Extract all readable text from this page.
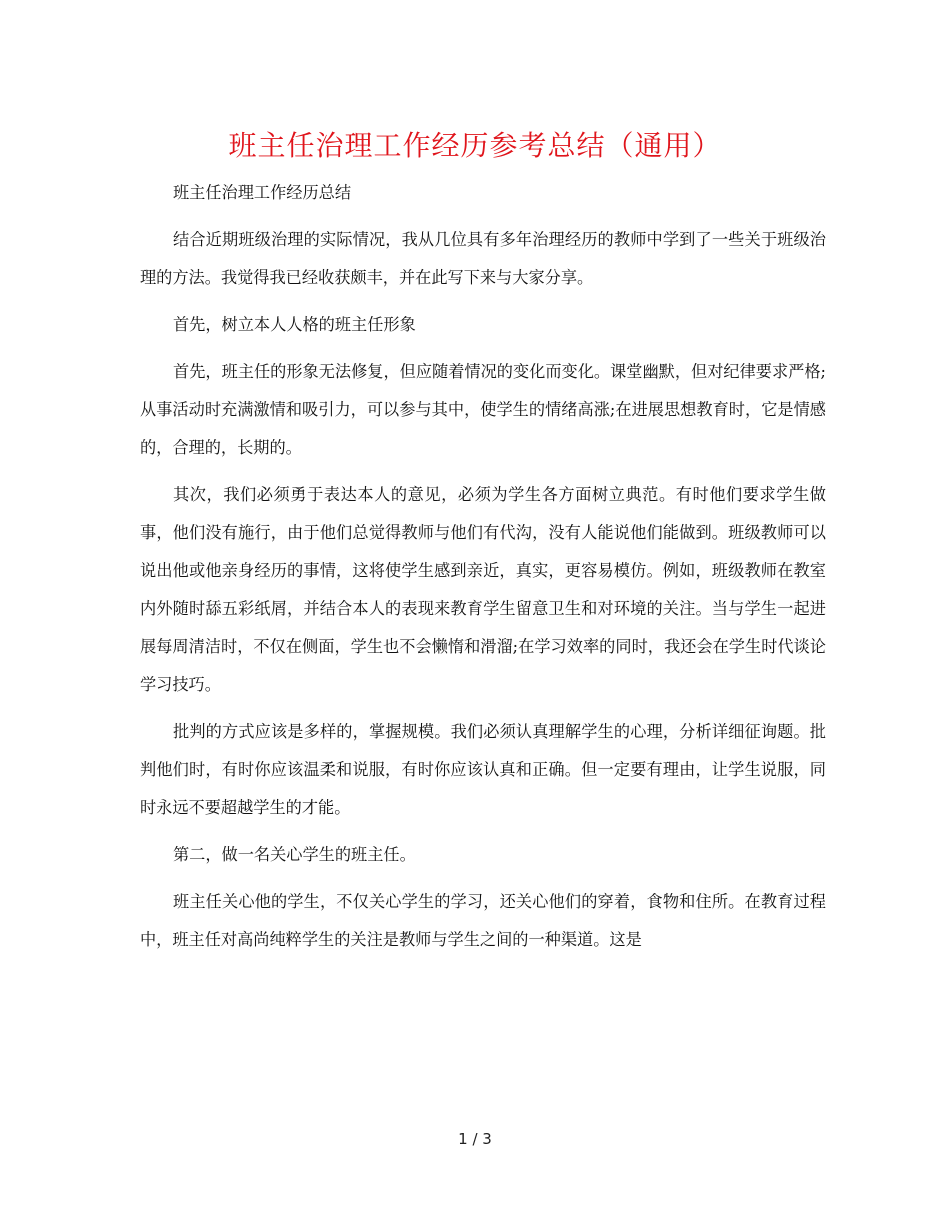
班主任治理工作经历参考总结（通用）

班主任治理工作经历总结

结合近期班级治理的实际情况，我从几位具有多年治理经历的教师中学到了一些关于班级治理的方法。我觉得我已经收获颇丰，并在此写下来与大家分享。

首先，树立本人人格的班主任形象

首先，班主任的形象无法修复，但应随着情况的变化而变化。课堂幽默，但对纪律要求严格;从事活动时充满激情和吸引力，可以参与其中，使学生的情绪高涨;在进展思想教育时，它是情感的，合理的，长期的。

其次，我们必须勇于表达本人的意见，必须为学生各方面树立典范。有时他们要求学生做事，他们没有施行，由于他们总觉得教师与他们有代沟，没有人能说他们能做到。班级教师可以说出他或他亲身经历的事情，这将使学生感到亲近，真实，更容易模仿。例如，班级教师在教室内外随时舔五彩纸屑，并结合本人的表现来教育学生留意卫生和对环境的关注。当与学生一起进展每周清洁时，不仅在侧面，学生也不会懒惰和滑溜;在学习效率的同时，我还会在学生时代谈论学习技巧。

批判的方式应该是多样的，掌握规模。我们必须认真理解学生的心理，分析详细征询题。批判他们时，有时你应该温柔和说服，有时你应该认真和正确。但一定要有理由，让学生说服，同时永远不要超越学生的才能。

第二，做一名关心学生的班主任。

班主任关心他的学生，不仅关心学生的学习，还关心他们的穿着，食物和住所。在教育过程中，班主任对高尚纯粹学生的关注是教师与学生之间的一种渠道。这是

1 / 3
